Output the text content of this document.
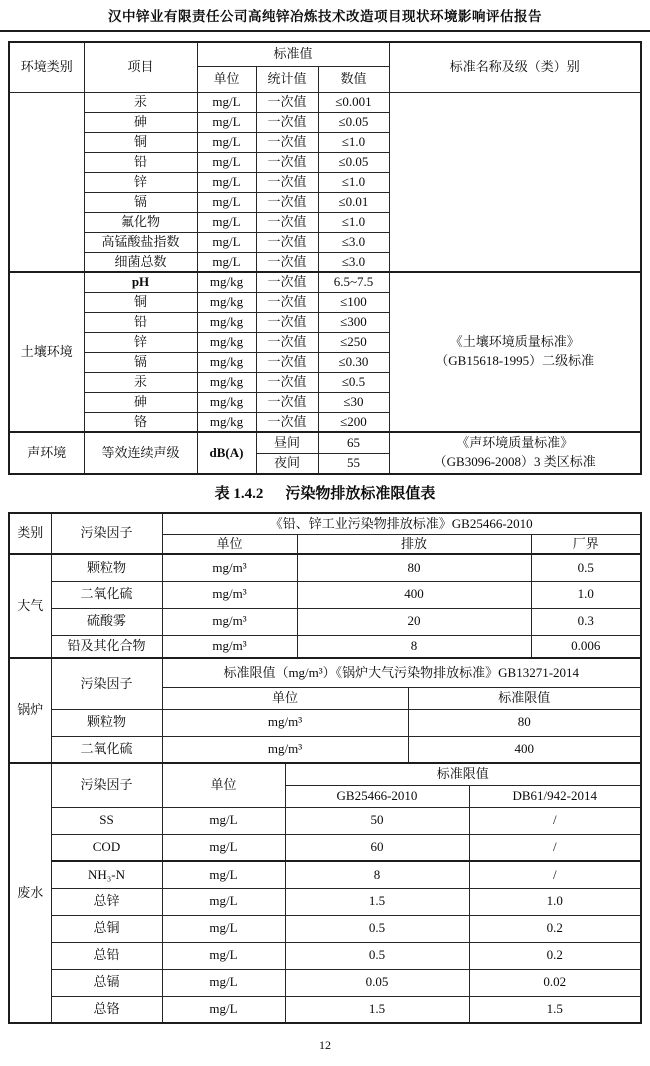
汉中锌业有限责任公司高纯锌冶炼技术改造项目现状环境影响评估报告
环境类别	项目	标准值			标准名称及级（类）别
		单位	统计值	数值	
	汞	mg/L	一次值	≤0.001	
	砷	mg/L	一次值	≤0.05	
	铜	mg/L	一次值	≤1.0	
	铅	mg/L	一次值	≤0.05	
	锌	mg/L	一次值	≤1.0	
	镉	mg/L	一次值	≤0.01	
	氟化物	mg/L	一次值	≤1.0	
	高锰酸盐指数	mg/L	一次值	≤3.0	
	细菌总数	mg/L	一次值	≤3.0	
土壤环境	pH	mg/kg	一次值	6.5~7.5	《土壤环境质量标准》
（GB15618-1995）二级标准

	铜	mg/kg	一次值	≤100	
	铅	mg/kg	一次值	≤300	
	锌	mg/kg	一次值	≤250	
	镉	mg/kg	一次值	≤0.30	
	汞	mg/kg	一次值	≤0.5	
	砷	mg/kg	一次值	≤30	
	铬	mg/kg	一次值	≤200	
声环境	等效连续声级	dB(A)	昼间	65	《声环境质量标准》
（GB3096-2008）3 类区标准

			夜间	55	
表 1.4.2 污染物排放标准限值表
类别	污染因子	《铅、锌工业污染物排放标准》GB25466-2010					
		单位		排放			厂界
大气	颗粒物	mg/m³		80			0.5
	二氧化硫	mg/m³		400			1.0
	硫酸雾	mg/m³		20			0.3
	铅及其化合物	mg/m³		8			0.006
锅炉	污染因子	标准限值（mg/m³）《锅炉大气污染物排放标准》GB13271-2014					
		单位			标准限值		
	颗粒物	mg/m³			80		
	二氧化硫	mg/m³			400		
废水	污染因子	单位	标准限值				
			GB25466-2010			DB61/942-2014	
	SS	mg/L	50			/	
	COD	mg/L	60			/	
	NH₃-N	mg/L	8			/	
	总锌	mg/L	1.5			1.0	
	总铜	mg/L	0.5			0.2	
	总铅	mg/L	0.5			0.2	
	总镉	mg/L	0.05			0.02	
	总铬	mg/L	1.5			1.5	
12
